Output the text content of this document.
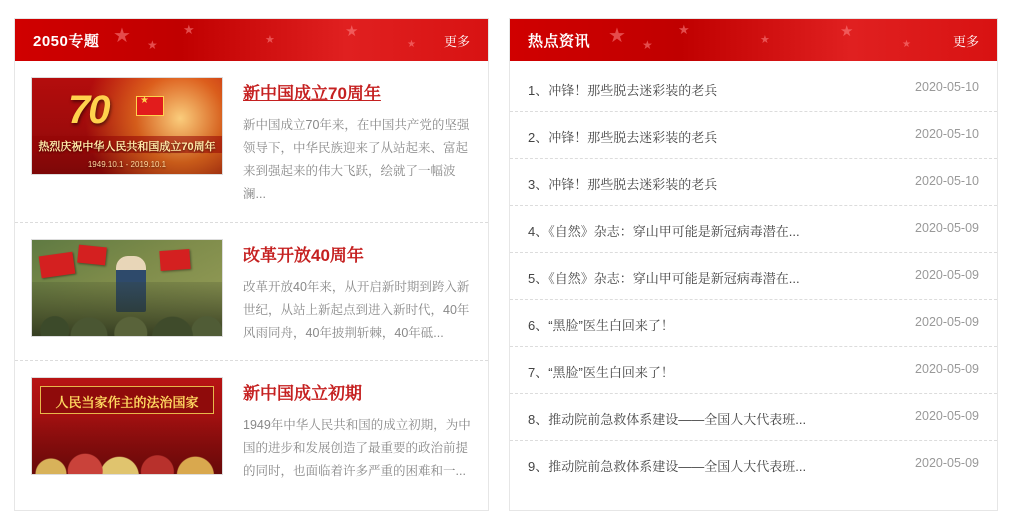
★ ★
★
★	★
★
2050专题	更多
70
★
热烈庆祝中华人民共和国成立70周年
1949.10.1 - 2019.10.1
新中国成立70周年
新中国成立70年来，在中国共产党的坚强领导下，中华民族迎来了从站起来、富起来到强起来的伟大飞跃，绘就了一幅波澜...
改革开放40周年
改革开放40年来，从开启新时期到跨入新世纪，从站上新起点到进入新时代，40年风雨同舟，40年披荆斩棘，40年砥...
人民当家作主的法治国家	新中国成立初期
1949年中华人民共和国的成立初期，为中国的进步和发展创造了最重要的政治前提的同时，也面临着许多严重的困难和一...
★ ★
★
★	★
★
热点资讯	更多
1、冲锋！那些脱去迷彩装的老兵	2020-05-10
2、冲锋！那些脱去迷彩装的老兵	2020-05-10
3、冲锋！那些脱去迷彩装的老兵	2020-05-10
4、《自然》杂志：穿山甲可能是新冠病毒潜在...	2020-05-09
5、《自然》杂志：穿山甲可能是新冠病毒潜在...	2020-05-09
6、“黑脸”医生白回来了！	2020-05-09
7、“黑脸”医生白回来了！	2020-05-09
8、推动院前急救体系建设——全国人大代表班...	2020-05-09
9、推动院前急救体系建设——全国人大代表班...	2020-05-09
